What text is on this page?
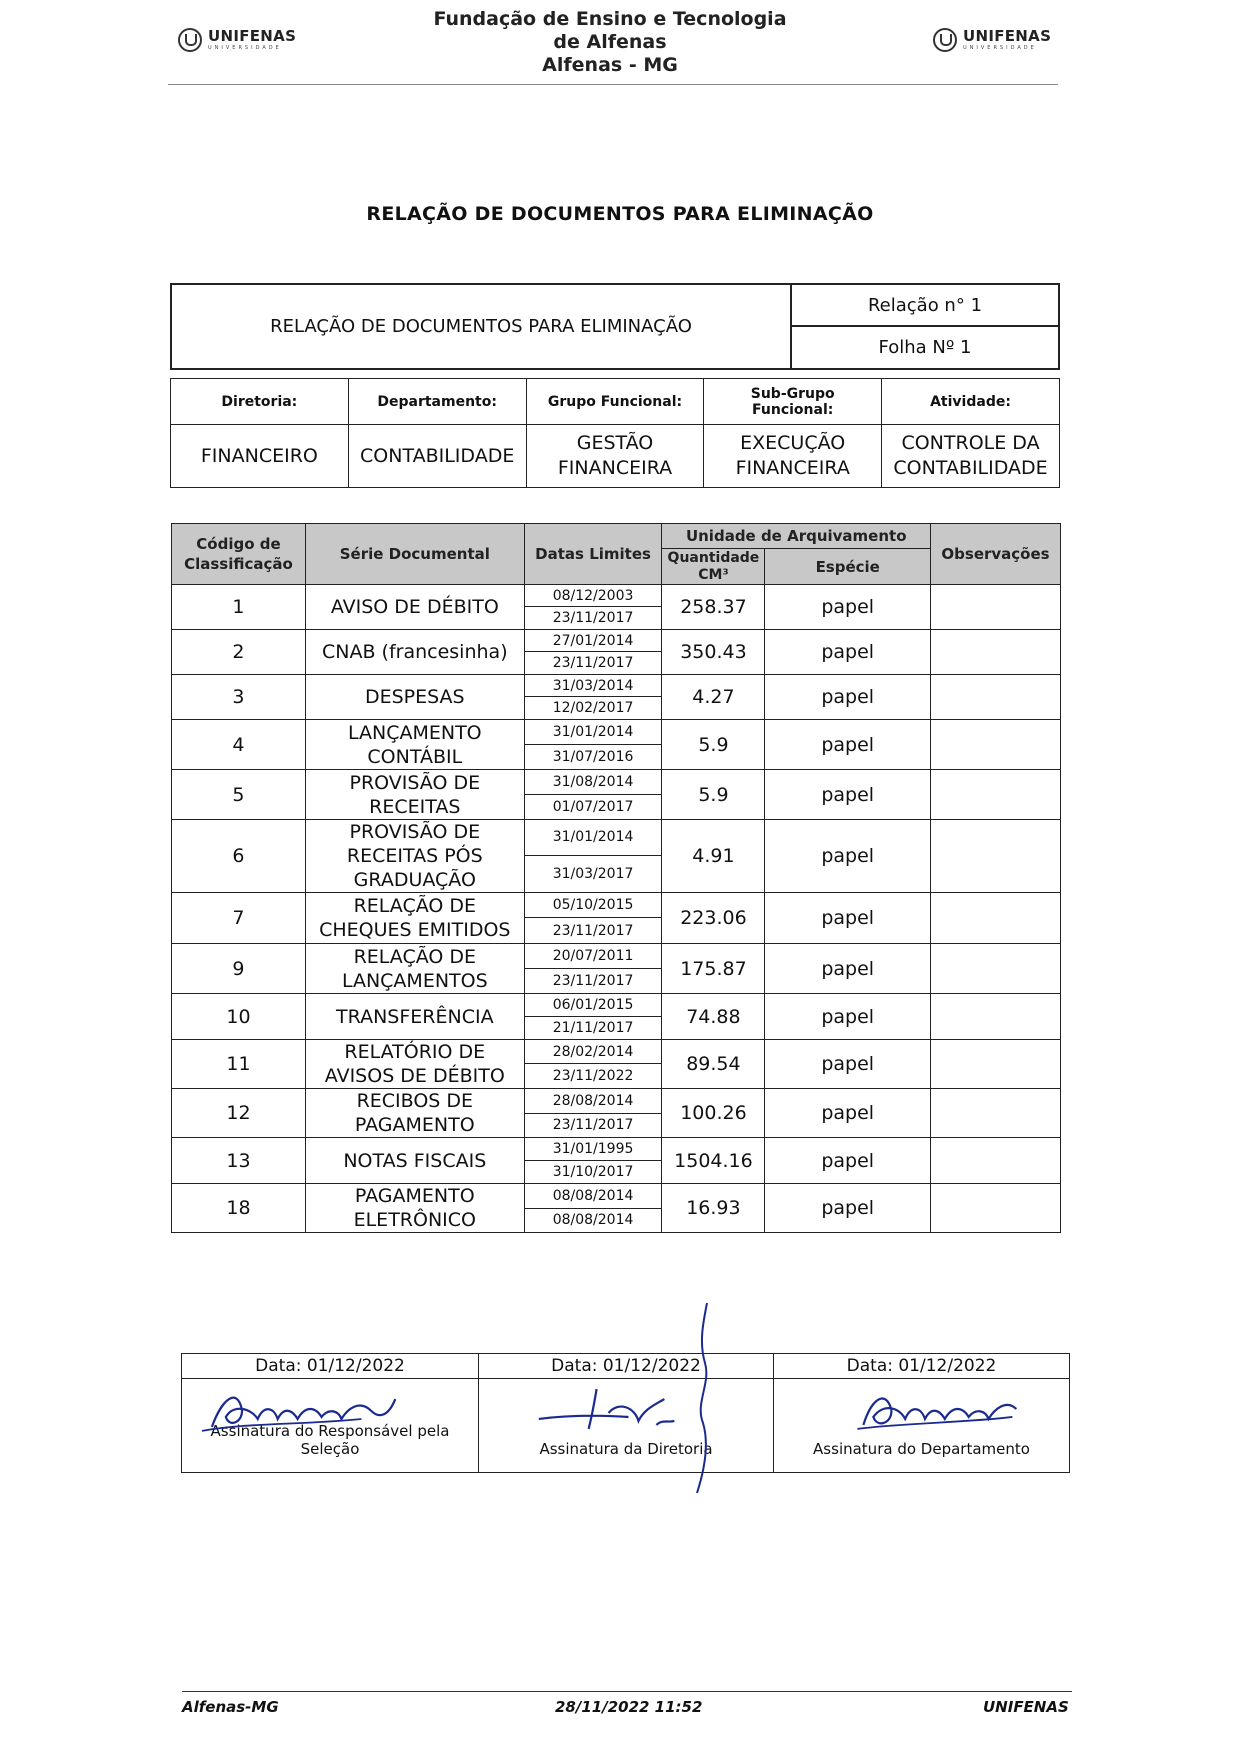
UNIFENAS
UNIVERSIDADE
Fundação de Ensino e Tecnologia
de Alfenas
Alfenas - MG
UNIFENAS
UNIVERSIDADE
RELAÇÃO DE DOCUMENTOS PARA ELIMINAÇÃO
RELAÇÃO DE DOCUMENTOS PARA ELIMINAÇÃO	Relação n° 1
Folha Nº 1
Diretoria:	Departamento:	Grupo Funcional:	Sub-Grupo Funcional:	Atividade:
FINANCEIRO	CONTABILIDADE	GESTÃO FINANCEIRA	EXECUÇÃO FINANCEIRA	CONTROLE DA CONTABILIDADE
Código de Classificação	Série Documental	Datas Limites	Unidade de Arquivamento		Observações
			Quantidade CM³	Espécie	
1	AVISO DE DÉBITO	08/12/2003	258.37	papel	
		23/11/2017			
2	CNAB (francesinha)	27/01/2014	350.43	papel	
		23/11/2017			
3	DESPESAS	31/03/2014	4.27	papel	
		12/02/2017			
4	LANÇAMENTO CONTÁBIL	31/01/2014	5.9	papel	
		31/07/2016			
5	PROVISÃO DE RECEITAS	31/08/2014	5.9	papel	
		01/07/2017			
6	PROVISÃO DE RECEITAS PÓS GRADUAÇÃO	31/01/2014	4.91	papel	
		31/03/2017			
7	RELAÇÃO DE CHEQUES EMITIDOS	05/10/2015	223.06	papel	
		23/11/2017			
9	RELAÇÃO DE LANÇAMENTOS	20/07/2011	175.87	papel	
		23/11/2017			
10	TRANSFERÊNCIA	06/01/2015	74.88	papel	
		21/11/2017			
11	RELATÓRIO DE AVISOS DE DÉBITO	28/02/2014	89.54	papel	
		23/11/2022			
12	RECIBOS DE PAGAMENTO	28/08/2014	100.26	papel	
		23/11/2017			
13	NOTAS FISCAIS	31/01/1995	1504.16	papel	
		31/10/2017			
18	PAGAMENTO ELETRÔNICO	08/08/2014	16.93	papel	
		08/08/2014			
Data: 01/12/2022	Data: 01/12/2022	Data: 01/12/2022

Assinatura do Responsável pela Seleção	Assinatura da Diretoria	Assinatura do Departamento
Alfenas-MG	28/11/2022 11:52	UNIFENAS
